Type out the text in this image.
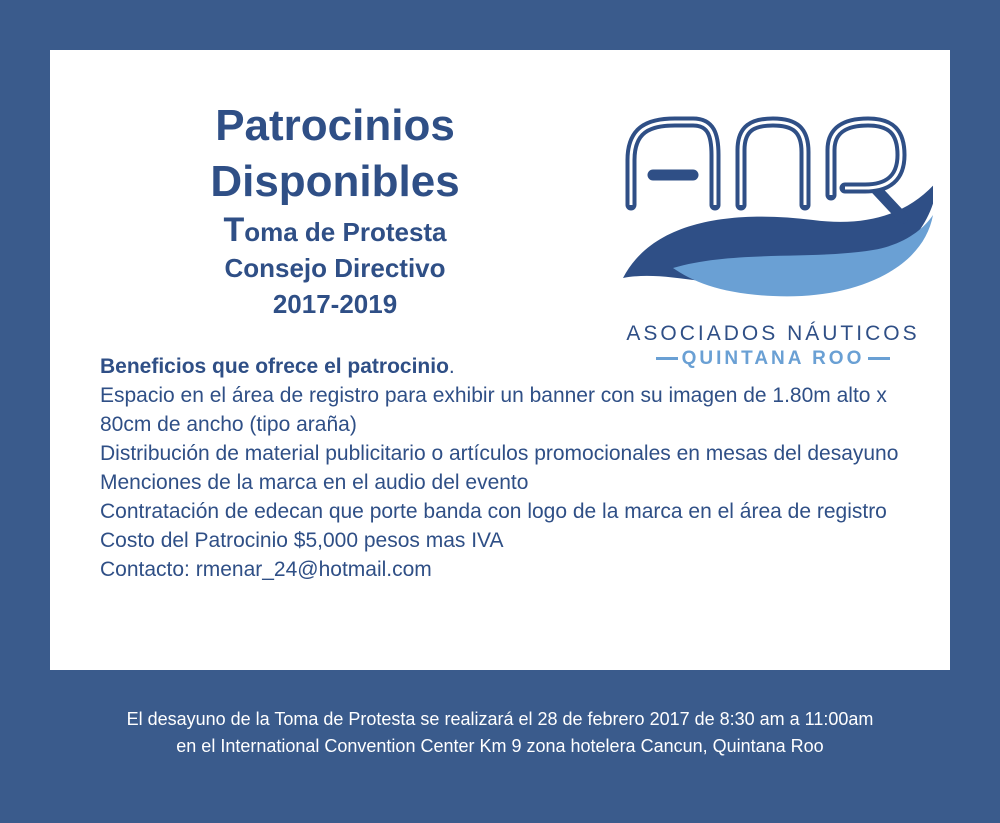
Patrocinios
Disponibles
Toma de Protesta
Consejo Directivo
2017-2019
ANQR
ASOCIADOS NÁUTICOS
QUINTANA ROO

Beneficios que ofrece el patrocinio.

Espacio en el área de registro para exhibir un banner con su imagen de 1.80m alto x 80cm de ancho (tipo araña)

Distribución de material publicitario o artículos promocionales en mesas del desayuno

Menciones de la marca en el audio del evento

Contratación de edecan que porte banda con logo de la marca en el área de registro

Costo del Patrocinio $5,000 pesos mas IVA

Contacto: rmenar_24@hotmail.com

El desayuno de la Toma de Protesta se realizará el 28 de febrero 2017 de 8:30 am a 11:00am

en el International Convention Center Km 9 zona hotelera Cancun, Quintana Roo
